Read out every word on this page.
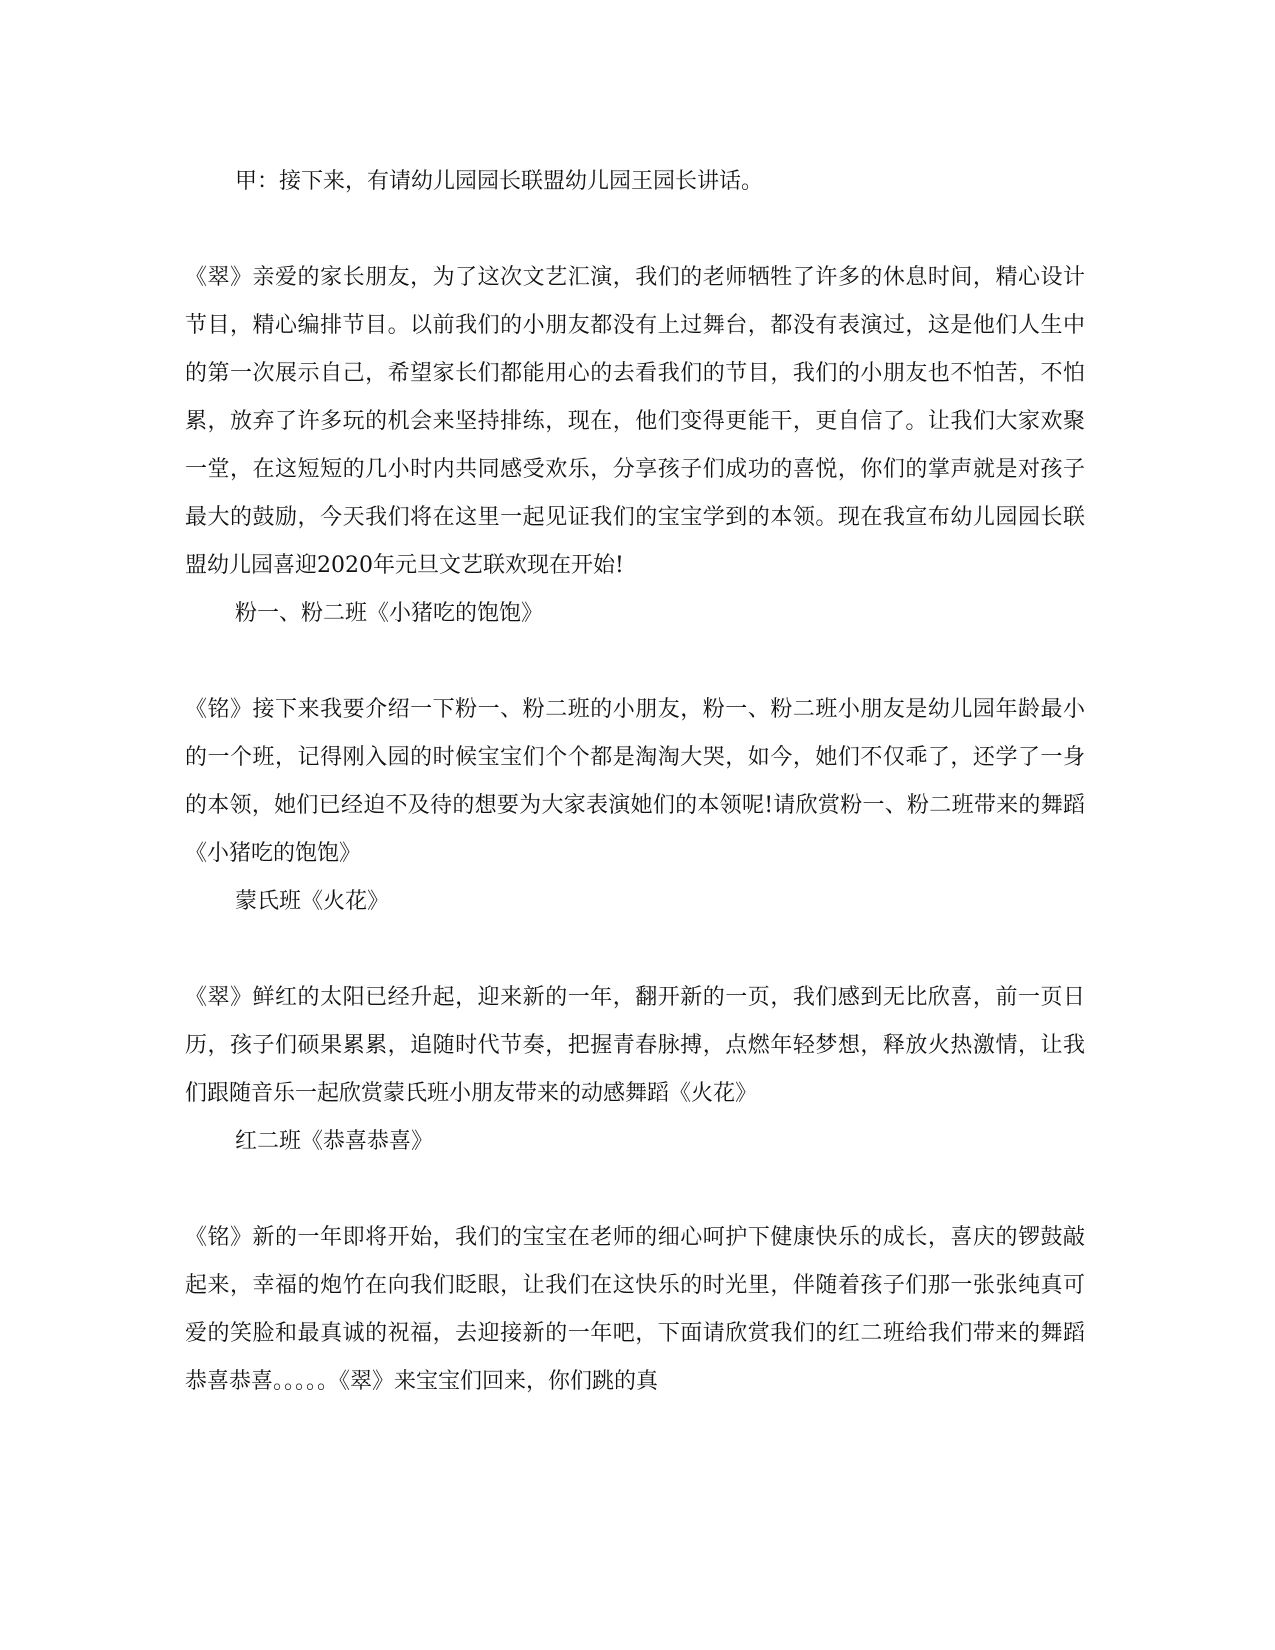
甲：接下来，有请幼儿园园长联盟幼儿园王园长讲话。

《翠》亲爱的家长朋友，为了这次文艺汇演，我们的老师牺牲了许多的休息时间，精心设计节目，精心编排节目。以前我们的小朋友都没有上过舞台，都没有表演过，这是他们人生中的第一次展示自己，希望家长们都能用心的去看我们的节目，我们的小朋友也不怕苦，不怕累，放弃了许多玩的机会来坚持排练，现在，他们变得更能干，更自信了。让我们大家欢聚一堂，在这短短的几小时内共同感受欢乐，分享孩子们成功的喜悦，你们的掌声就是对孩子最大的鼓励，今天我们将在这里一起见证我们的宝宝学到的本领。现在我宣布幼儿园园长联盟幼儿园喜迎2020年元旦文艺联欢现在开始!

粉一、粉二班《小猪吃的饱饱》

《铭》接下来我要介绍一下粉一、粉二班的小朋友，粉一、粉二班小朋友是幼儿园年龄最小的一个班，记得刚入园的时候宝宝们个个都是淘淘大哭，如今，她们不仅乖了，还学了一身的本领，她们已经迫不及待的想要为大家表演她们的本领呢!请欣赏粉一、粉二班带来的舞蹈《小猪吃的饱饱》

蒙氏班《火花》

《翠》鲜红的太阳已经升起，迎来新的一年，翻开新的一页，我们感到无比欣喜，前一页日历，孩子们硕果累累，追随时代节奏，把握青春脉搏，点燃年轻梦想，释放火热激情，让我们跟随音乐一起欣赏蒙氏班小朋友带来的动感舞蹈《火花》

红二班《恭喜恭喜》

《铭》新的一年即将开始，我们的宝宝在老师的细心呵护下健康快乐的成长，喜庆的锣鼓敲起来，幸福的炮竹在向我们眨眼，让我们在这快乐的时光里，伴随着孩子们那一张张纯真可爱的笑脸和最真诚的祝福，去迎接新的一年吧，下面请欣赏我们的红二班给我们带来的舞蹈恭喜恭喜。。。。。《翠》来宝宝们回来，你们跳的真
